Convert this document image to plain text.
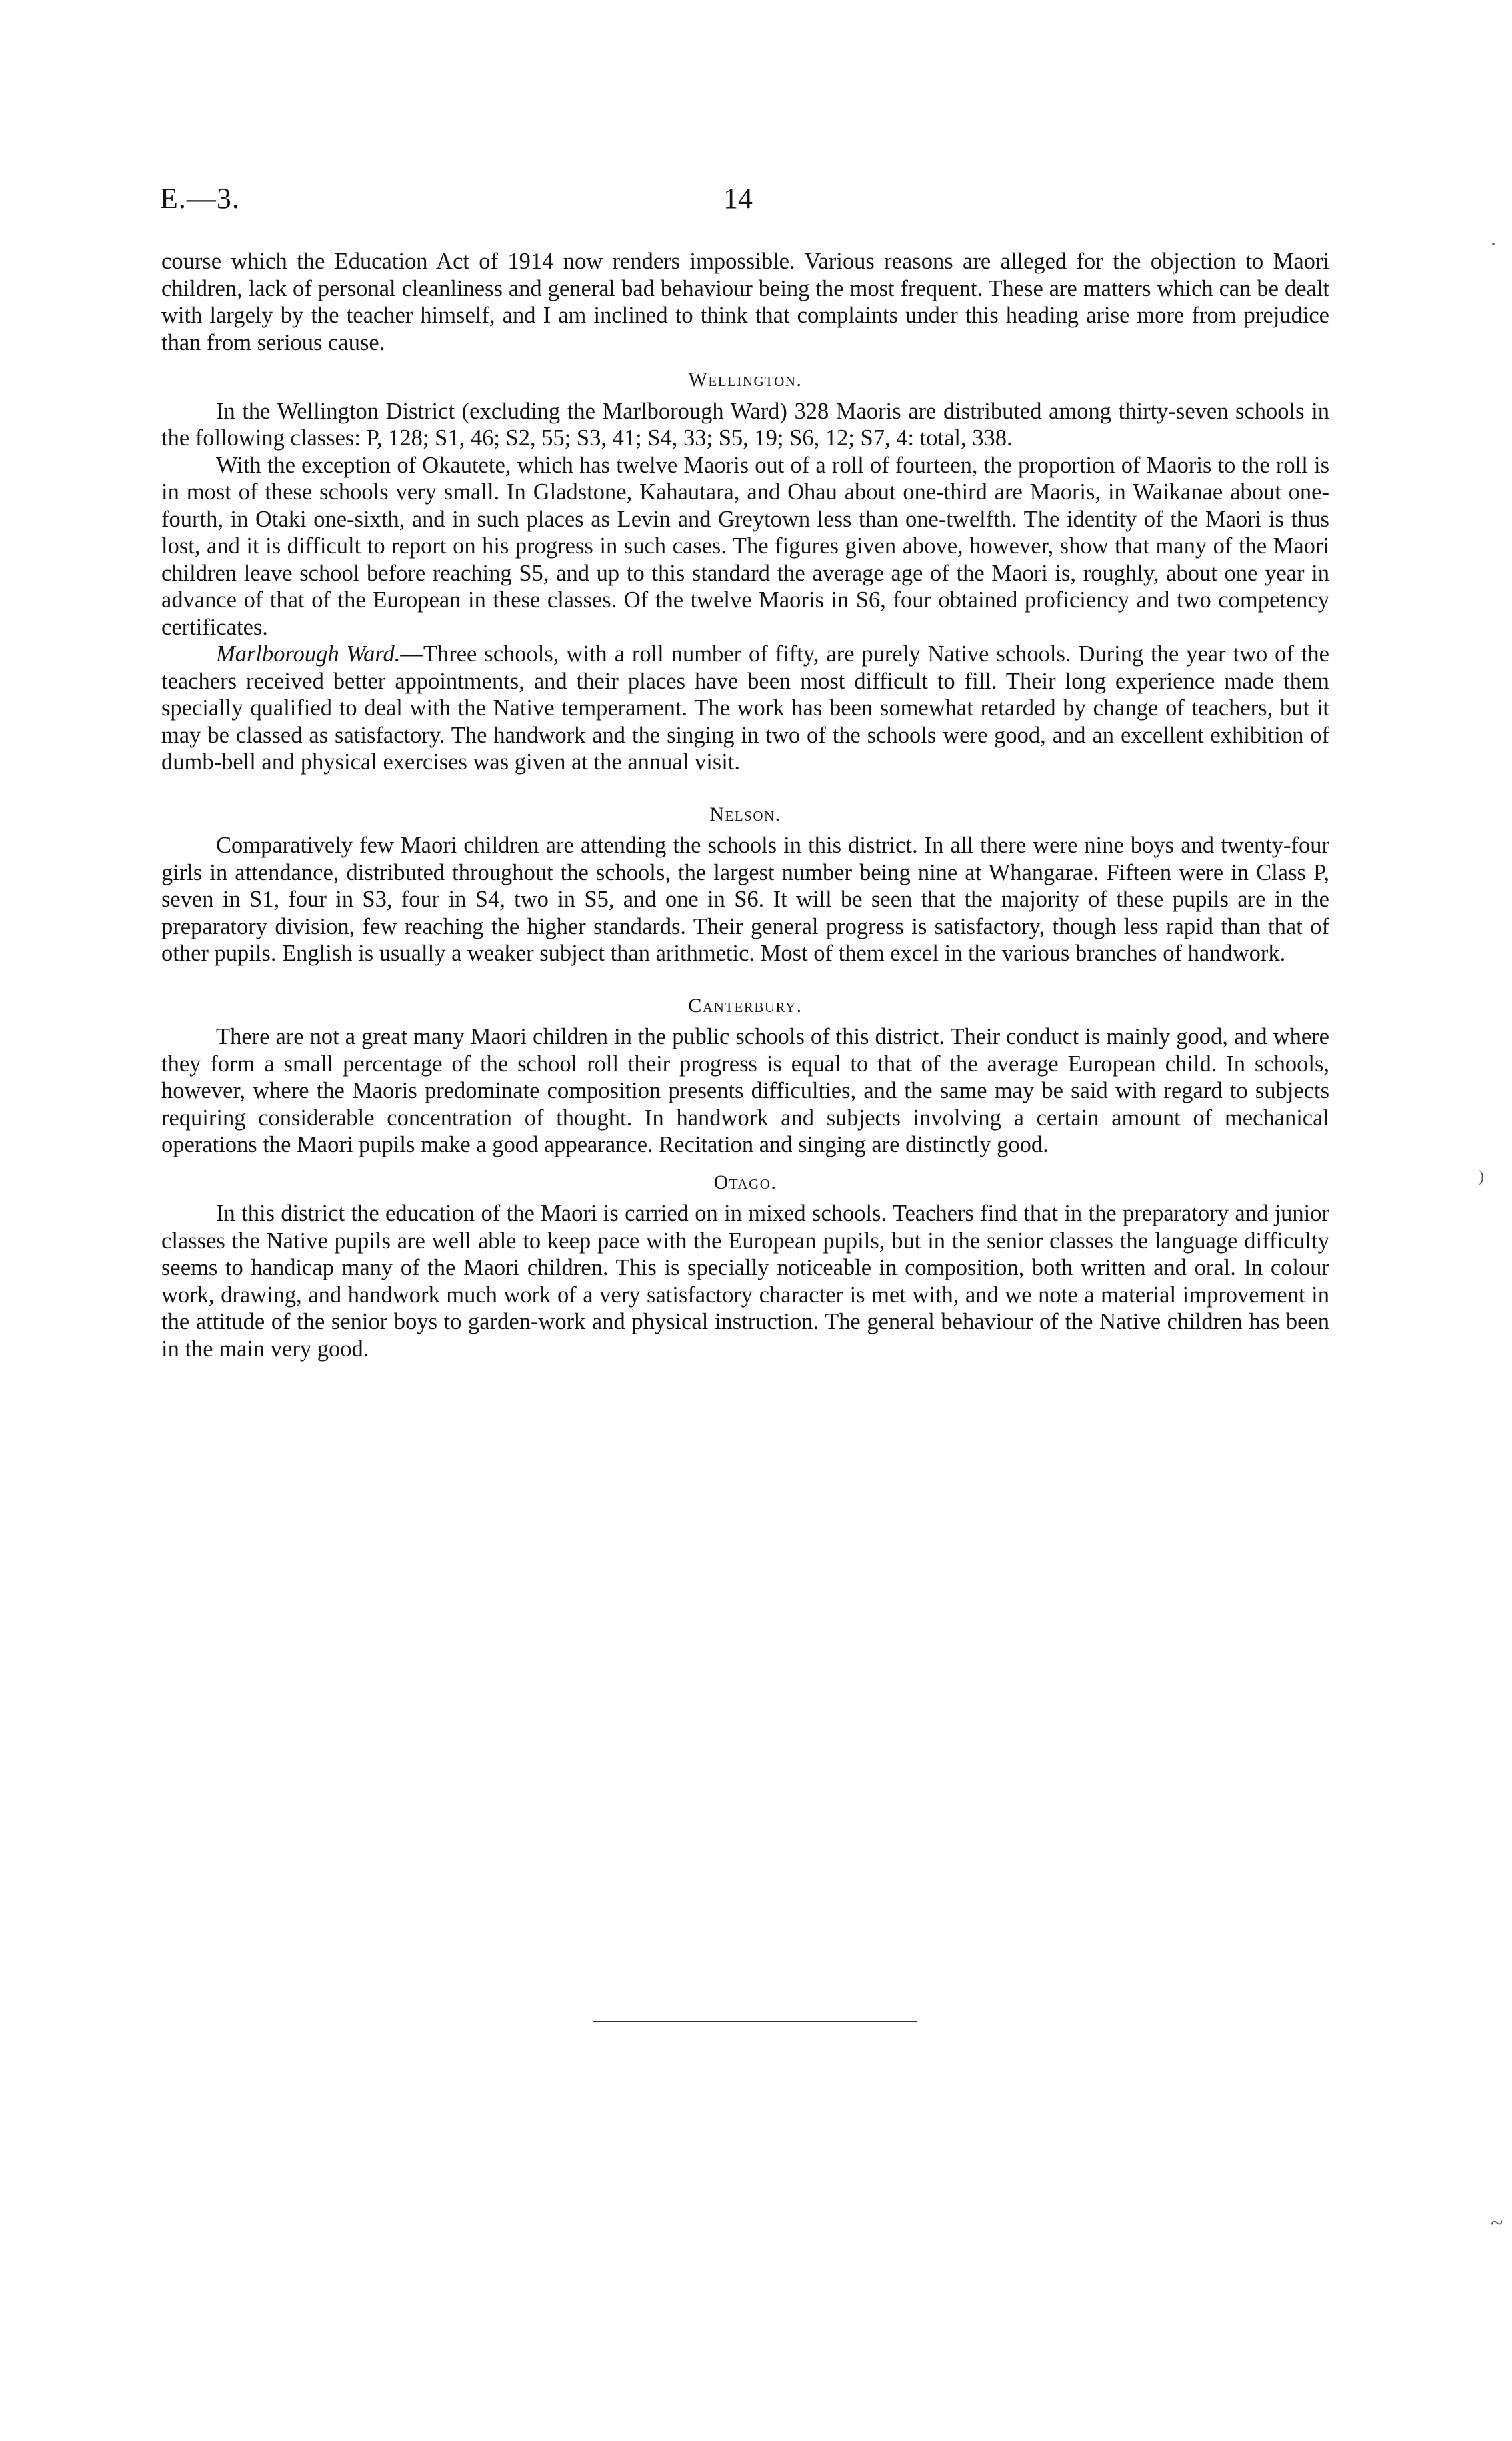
E.—3.	14

course which the Education Act of 1914 now renders impossible. Various reasons are alleged for the objection to Maori children, lack of personal cleanliness and general bad behaviour being the most frequent. These are matters which can be dealt with largely by the teacher himself, and I am inclined to think that complaints under this heading arise more from prejudice than from serious cause.

Wellington.

In the Wellington District (excluding the Marlborough Ward) 328 Maoris are distributed among thirty-seven schools in the following classes: P, 128; S1, 46; S2, 55; S3, 41; S4, 33; S5, 19; S6, 12; S7, 4: total, 338.

With the exception of Okautete, which has twelve Maoris out of a roll of fourteen, the proportion of Maoris to the roll is in most of these schools very small. In Gladstone, Kahautara, and Ohau about one-third are Maoris, in Waikanae about one-fourth, in Otaki one-sixth, and in such places as Levin and Greytown less than one-twelfth. The identity of the Maori is thus lost, and it is difficult to report on his progress in such cases. The figures given above, however, show that many of the Maori children leave school before reaching S5, and up to this standard the average age of the Maori is, roughly, about one year in advance of that of the European in these classes. Of the twelve Maoris in S6, four obtained proficiency and two competency certificates.

Marlborough Ward.—Three schools, with a roll number of fifty, are purely Native schools. During the year two of the teachers received better appointments, and their places have been most difficult to fill. Their long experience made them specially qualified to deal with the Native temperament. The work has been somewhat retarded by change of teachers, but it may be classed as satisfactory. The handwork and the singing in two of the schools were good, and an excellent exhibition of dumb-bell and physical exercises was given at the annual visit.

Nelson.

Comparatively few Maori children are attending the schools in this district. In all there were nine boys and twenty-four girls in attendance, distributed throughout the schools, the largest number being nine at Whangarae. Fifteen were in Class P, seven in S1, four in S3, four in S4, two in S5, and one in S6. It will be seen that the majority of these pupils are in the preparatory division, few reaching the higher standards. Their general progress is satisfactory, though less rapid than that of other pupils. English is usually a weaker subject than arithmetic. Most of them excel in the various branches of handwork.

Canterbury.

There are not a great many Maori children in the public schools of this district. Their conduct is mainly good, and where they form a small percentage of the school roll their progress is equal to that of the average European child. In schools, however, where the Maoris predominate composition presents difficulties, and the same may be said with regard to subjects requiring considerable concentration of thought. In handwork and subjects involving a certain amount of mechanical operations the Maori pupils make a good appearance. Recitation and singing are distinctly good.

Otago.

In this district the education of the Maori is carried on in mixed schools. Teachers find that in the preparatory and junior classes the Native pupils are well able to keep pace with the European pupils, but in the senior classes the language difficulty seems to handicap many of the Maori children. This is specially noticeable in composition, both written and oral. In colour work, drawing, and handwork much work of a very satisfactory character is met with, and we note a material improvement in the attitude of the senior boys to garden-work and physical instruction. The general behaviour of the Native children has been in the main very good.

·
)
~
